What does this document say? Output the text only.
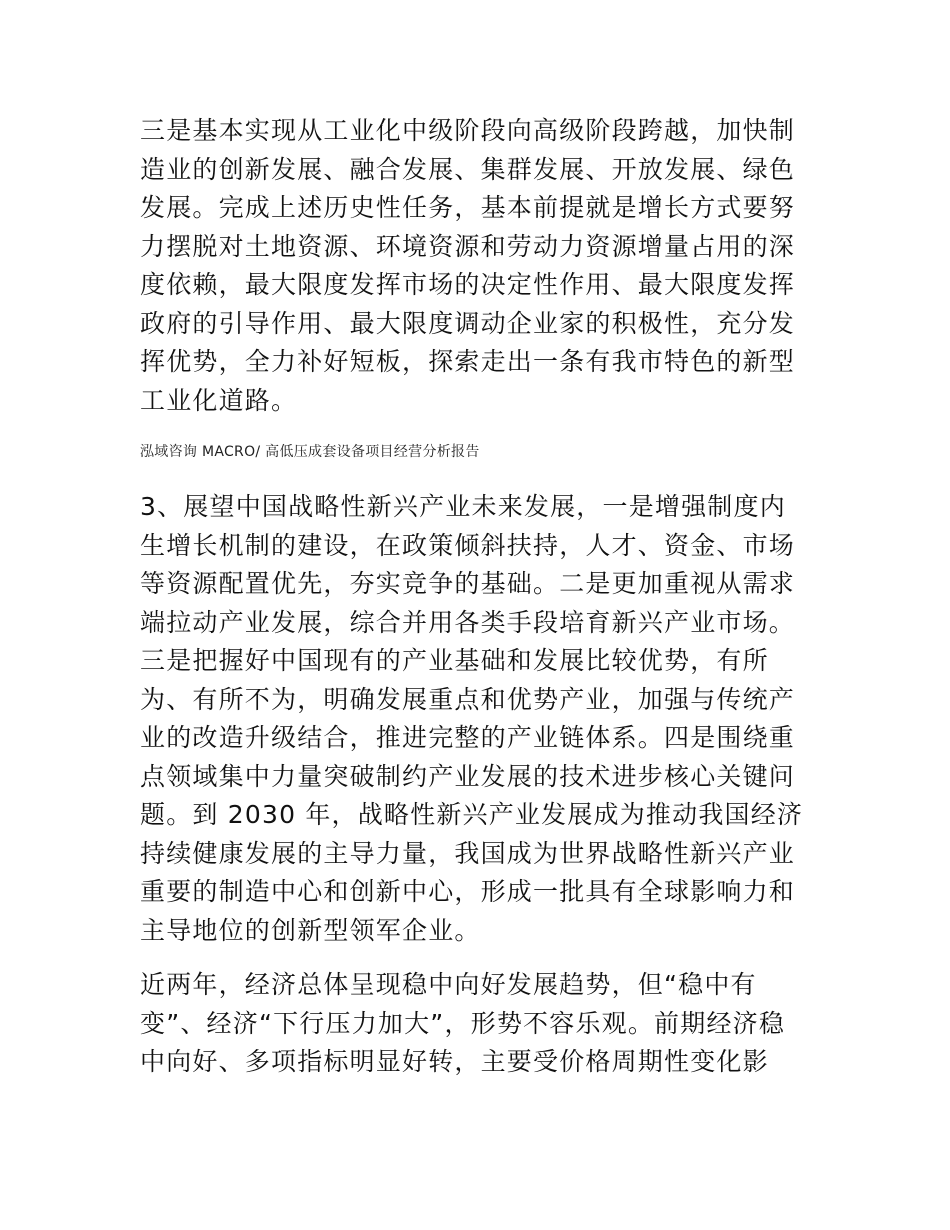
三是基本实现从工业化中级阶段向高级阶段跨越，加快制造业的创新发展、融合发展、集群发展、开放发展、绿色发展。完成上述历史性任务，基本前提就是增长方式要努力摆脱对土地资源、环境资源和劳动力资源增量占用的深度依赖，最大限度发挥市场的决定性作用、最大限度发挥政府的引导作用、最大限度调动企业家的积极性，充分发挥优势，全力补好短板，探索走出一条有我市特色的新型工业化道路。

泓域咨询 MACRO/ 高低压成套设备项目经营分析报告

3、展望中国战略性新兴产业未来发展，一是增强制度内生增长机制的建设，在政策倾斜扶持，人才、资金、市场等资源配置优先，夯实竞争的基础。二是更加重视从需求端拉动产业发展，综合并用各类手段培育新兴产业市场。三是把握好中国现有的产业基础和发展比较优势，有所为、有所不为，明确发展重点和优势产业，加强与传统产业的改造升级结合，推进完整的产业链体系。四是围绕重点领域集中力量突破制约产业发展的技术进步核心关键问题。到 2030 年，战略性新兴产业发展成为推动我国经济持续健康发展的主导力量，我国成为世界战略性新兴产业重要的制造中心和创新中心，形成一批具有全球影响力和主导地位的创新型领军企业。

近两年，经济总体呈现稳中向好发展趋势，但“稳中有变”、经济“下行压力加大”，形势不容乐观。前期经济稳中向好、多项指标明显好转，主要受价格周期性变化影
